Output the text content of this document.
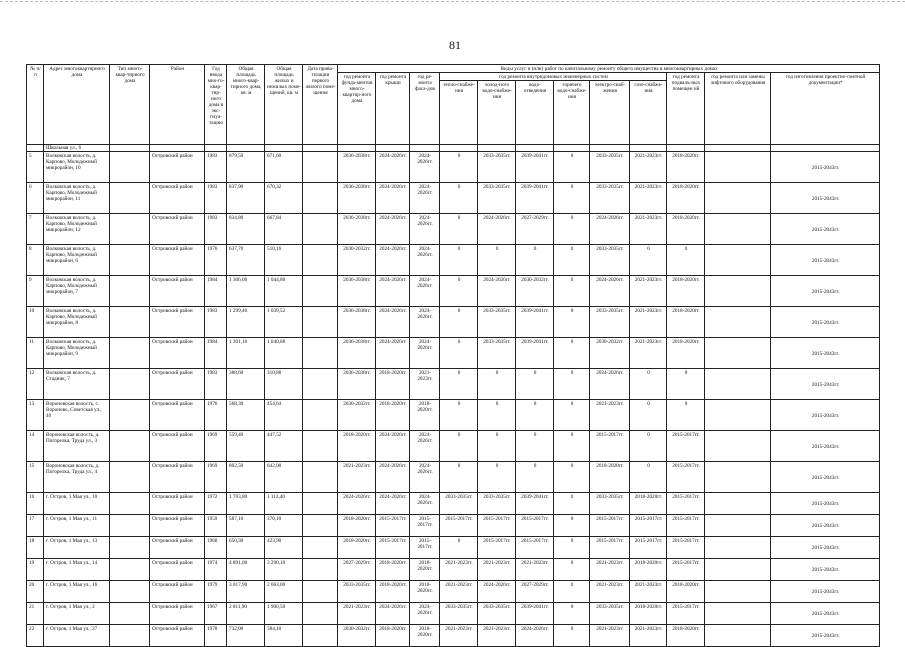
81
№ п/п	Адрес многоквартирного дома	Тип много-квар-тирного дома	Район	Год ввода мно-го-квар-тир-ного дома в экс-плуа-тацию	Общая площадь много-квар-тирного дома, кв. м	Общая площадь жилых и нежилых поме-щений, кв. м	Дата прива-тизации первого жилого поме-щения	Виды услуг и (или) работ по капитальному ремонту общего имущества в многоквартирных домах											
								год ремонта фунда-ментов много-квартир-ного дома	год ремонта крыши	год ре-монта фаса-дов	год ремонта внутридомовых инженерных систем						год ремонта подвалъ-ных помещен ий	год ремонта или замены лифтового оборудования	год изготовления проектно-сметной документации*
											тепло-снабже-ния	холод-ного водо-снабже-ния	водо-отведения	горячего водо-снабже-ния	электро-снаб-жения	газо-снабже-ния			
	Школьная ул., 6																		
5	Волковская волость, д. Карпово, Молодежный микрорайон, 10		Островский район	1983	879,50	671,60		2036-2038гг.	2024-2026гг.	2024-2026гг.	0	2033-2035гг.	2039-2041гг.	0	2033-2035гг.	2021-2023гг.	2018-2020гг.		2015-2043гг.
6	Волковская волость, д. Карпово, Молодежный микрорайон, 11		Островский район	1983	837,90	670,32		2036-2038гг.	2024-2026гг.	2024-2026гг.	0	2033-2035гг.	2039-2041гг.	0	2033-2035гг.	2021-2023гг.	2018-2020гг.		2015-2043гг.
7	Волковская волость, д. Карпово, Молодежный микрорайон, 12		Островский район	1983	834,80	667,84		2036-2038гг.	2024-2026гг.	2024-2026гг.	0	2024-2026гг.	2027-2029гг.	0	2024-2026гг.	2021-2023гг.	2018-2020гг.		2015-2043гг.
8	Волковская волость, д. Карпово, Молодежный микрорайон, 6		Островский район	1976	637,70	510,16		2030-2032гг.	2024-2026гг.	2024-2026гг.	0	0	0	0	2033-2035гг.	0	0		2015-2043гг.
9	Волковская волость, д. Карпово, Молодежный микрорайон, 7		Островский район	1984	1 306,00	1 044,80		2036-2038гг.	2024-2026гг.	2024-2026гг.	0	2024-2026гг.	2030-2032гг.	0	2024-2026гг.	2021-2023гг.	2018-2020гг.		2015-2043гг.
10	Волковская волость, д. Карпово, Молодежный микрорайон, 8		Островский район	1983	1 299,40	1 039,52		2036-2038гг.	2024-2026гг.	2024-2026гг.	0	2033-2035гг.	2039-2041гг.	0	2033-2035гг.	2021-2023гг.	2018-2020гг.		2015-2043гг.
11	Волковская волость, д. Карпово, Молодежный микрорайон, 9		Островский район	1984	1 301,10	1 040,88		2036-2038гг.	2024-2026гг.	2024-2026гг.	0	2033-2035гг.	2039-2041гг.	0	2030-2032гг.	2021-2023гг.	2018-2020гг.		2015-2043гг.
12	Волковская волость, д. Стадник, 7		Островский район	1983	388,60	310,88		2036-2038гг.	2018-2020гг.	2021-2023гг.	0	0	0	0	2024-2026гг.	0	0		2015-2043гг.
13	Вороновская волость, с. Вороново, Советская ул., 40		Островский район	1976	568,30	454,64		2030-2032гг.	2018-2020гг.	2018-2020гг.	0	0	0	0	2021-2023гг.	0	0		2015-2043гг.
14	Вороновская волость, д. Погорелка, Труда ул., 3		Островский район	1969	559,40	447,52		2018-2020гг.	2024-2026гг.	2024-2026гг.	0	0	0	0	2015-2017гг.	0	2015-2017гг.		2015-2043гг.
15	Вороновская волость, д. Погорелка, Труда ул., 4		Островский район	1969	802,50	642,00		2021-2023гг.	2024-2026гг.	2024-2026гг.	0	0	0	0	2018-2020гг.	0	2015-2017гг.		2015-2043гг.
16	г. Остров, 1 Мая ул., 10		Островский район	1972	1 703,80	1 112,40		2024-2026гг.	2024-2026гг.	2024-2026гг.	2033-2035гг.	2033-2035гг.	2039-2041гг.	0	2033-2035гг.	2018-2020гг.	2015-2017гг.		2015-2043гг.
17	г. Остров, 1 Мая ул., 11		Островский район	1959	587,10	370,10		2018-2020гг.	2015-2017гг.	2015-2017гг.	2015-2017гг.	2015-2017гг.	2015-2017гг.	0	2015-2017гг.	2015-2017гг.	2015-2017гг.		2015-2043гг.
18	г. Остров, 1 Мая ул., 13		Островский район	1960	650,30	423,90		2018-2020гг.	2015-2017гг.	2015-2017гг.	0	2015-2017гг.	2015-2017гг.	0	2015-2017гг.	2015-2017гг.	2015-2017гг.		2015-2043гг.
19	г. Остров, 1 Мая ул., 14		Островский район	1974	4 891,00	3 290,10		2027-2029гг.	2018-2020гг.	2018-2020гг.	2021-2023гг.	2021-2023гг.	2021-2023гг.	0	2021-2023гг.	2018-2020гг.	2015-2017гг.		2015-2043гг.
20	г. Остров, 1 Мая ул., 16		Островский район	1979	3 017,90	2 663,00		2033-2035гг.	2018-2020гг.	2018-2020гг.	2021-2023гг.	2024-2026гг.	2027-2029гг.	0	2021-2023гг.	2021-2023гг.	2018-2020гг.		2015-2043гг.
21	г. Остров, 1 Мая ул., 2		Островский район	1967	2 811,90	1 900,50		2021-2023гг.	2024-2026гг.	2024-2026гг.	2033-2035гг.	2033-2035гг.	2039-2041гг.	0	2033-2035гг.	2018-2020гг.	2015-2017гг.		2015-2043гг.
22	г. Остров, 1 Мая ул., 27		Островский район	1978	732,00	384,10		2030-2032гг.	2018-2020гг.	2018-2020гг.	2021-2023гг.	2021-2023гг.	2024-2026гг.	0	2021-2023гг.	2021-2023гг.	2018-2020гг.		2015-2043гг.
